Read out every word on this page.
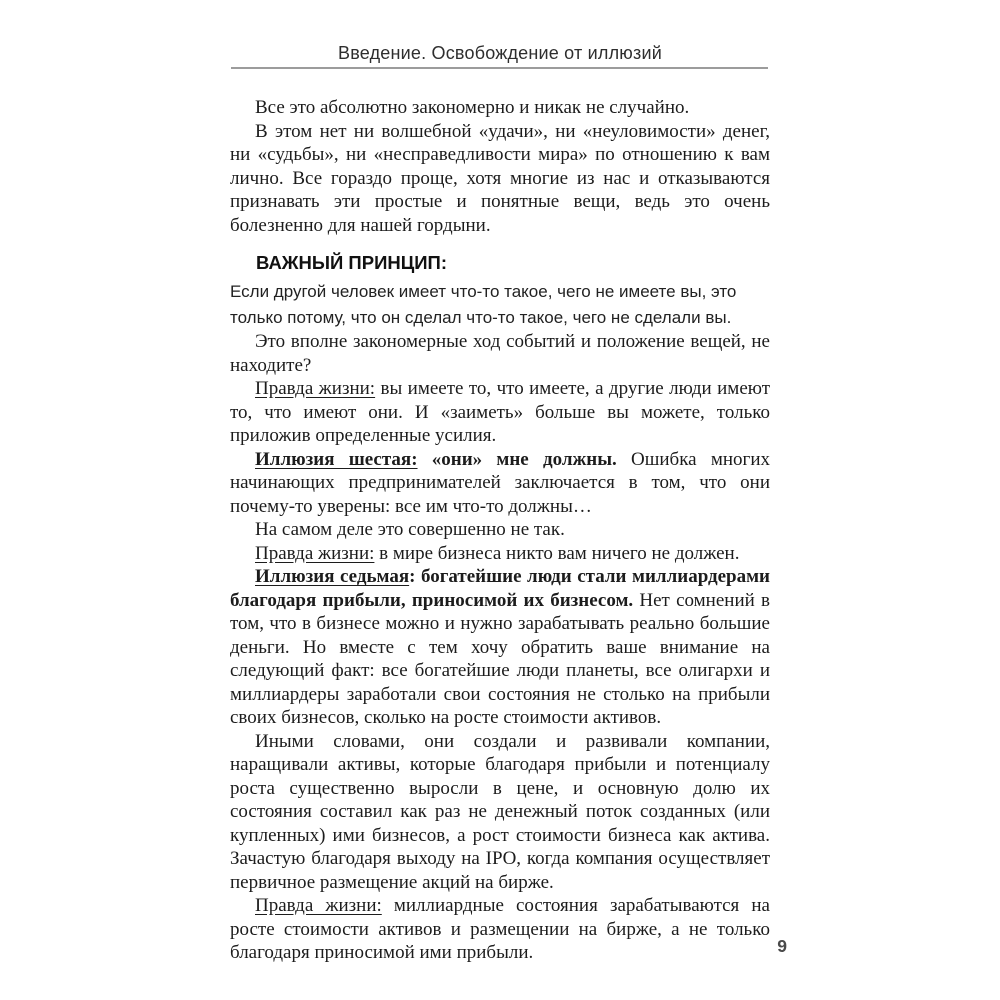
Введение. Освобождение от иллюзий

Все это абсолютно закономерно и никак не случайно.

В этом нет ни волшебной «удачи», ни «неуловимости» денег, ни «судьбы», ни «несправедливости мира» по отношению к вам лично. Все гораздо проще, хотя многие из нас и отказываются признавать эти простые и понятные вещи, ведь это очень болезненно для нашей гордыни.

ВАЖНЫЙ ПРИНЦИП:

Если другой человек имеет что-то такое, чего не имеете вы, это только потому, что он сделал что-то такое, чего не сделали вы.

Это вполне закономерные ход событий и положение вещей, не находите?

Правда жизни: вы имеете то, что имеете, а другие люди имеют то, что имеют они. И «заиметь» больше вы можете, только приложив определенные усилия.

Иллюзия шестая: «они» мне должны. Ошибка многих начинающих предпринимателей заключается в том, что они почему-то уверены: все им что-то должны…

На самом деле это совершенно не так.

Правда жизни: в мире бизнеса никто вам ничего не должен.

Иллюзия седьмая: богатейшие люди стали миллиардерами благодаря прибыли, приносимой их бизнесом. Нет сомнений в том, что в бизнесе можно и нужно зарабатывать реально большие деньги. Но вместе с тем хочу обратить ваше внимание на следующий факт: все богатейшие люди планеты, все олигархи и миллиардеры заработали свои состояния не столько на прибыли своих бизнесов, сколько на росте стоимости активов.

Иными словами, они создали и развивали компании, наращивали активы, которые благодаря прибыли и потенциалу роста существенно выросли в цене, и основную долю их состояния составил как раз не денежный поток созданных (или купленных) ими бизнесов, а рост стоимости бизнеса как актива. Зачастую благодаря выходу на IPO, когда компания осуществляет первичное размещение акций на бирже.

Правда жизни: миллиардные состояния зарабатываются на росте стоимости активов и размещении на бирже, а не только благодаря приносимой ими прибыли.	9
